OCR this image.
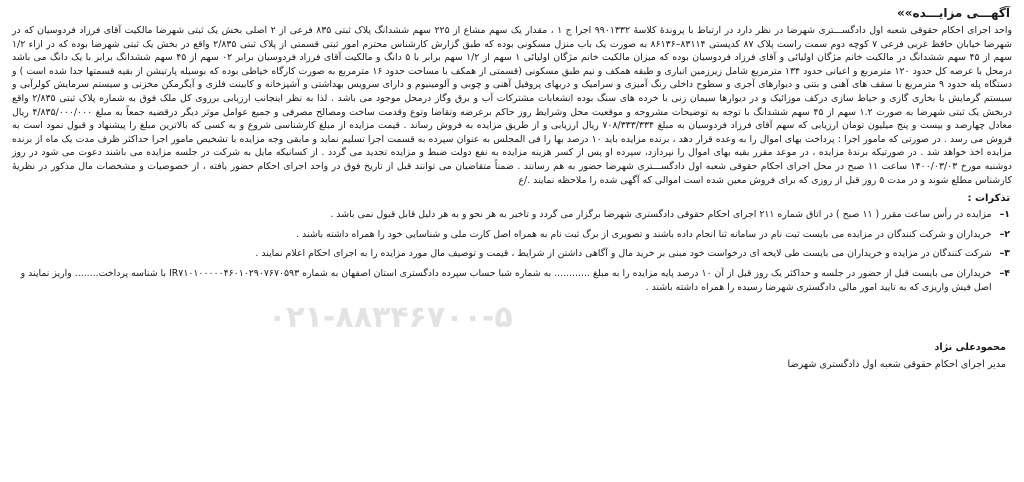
آگهـــی مزایـــده»»
واحد اجرای احکام حقوقی شعبه اول دادگســـتری شهرضا در نظر دارد در ارتباط با پروندۀ کلاسۀ ۹۹۰۱۳۳۲ اجرا ج ۱ ، مقدار یک سهم مشاع از ۲۲۵ سهم ششدانگ پلاک ثبتی ۸۳۵ فرعی از ۲ اصلی بخش یک ثبتی شهرضا مالکیت آقای فرزاد فردوسیان که در شهرضا خیابان حافظ غربی فرعی ۷ کوچه دوم سمت راست پلاک ۸۷ کدپستی ۸۳۱۱۴–۸۶۱۳۶ به صورت یک باب منزل مسکونی بوده که طبق گزارش کارشناس محترم امور ثبتی قسمتی از پلاک ثبتی ۲/۸۳۵ واقع در بخش یک ثبتی شهرضا بوده که در ازاء ۱/۲ سهم از ۴۵ سهم ششدانگ در مالکیت خانم مژگان اولیائی و آقای فرزاد فردوسیان بوده که میزان مالکیت خانم مژگان اولیائی ۱ سهم از ۱/۲ سهم برابر با ۵ دانگ و مالکیت آقای فرزاد فردوسیان برابر ۰۲ سهم از ۴۵ سهم ششدانگ برابر با یک دانگ می باشد درمحل با عرصه کل حدود ۱۲۰ مترمربع و اعیانی حدود ۱۳۴ مترمربع شامل زیرزمین انباری و طبقه همکف و نیم طبق مسکونی (قسمتی از همکف با مساحت حدود ۱۶ مترمربع به صورت کارگاه خیاطی بوده که بوسیله پارتیشن از بقیه قسمتها جدا شده است ) و دستگاه پله حدود ۹ مترمربع با سقف های آهنی و بتنی و دیوارهای آجری و سطوح داخلی رنگ آمیزی و سرامیک و دربهای پروفیل آهنی و چوبی و آلومینیوم و دارای سرویس بهداشتی و آشپزخانه و کابینت فلزی و آیگرمکن مخزنی و سیستم سرمایش کولرآبی و سیستم گرمایش با بخاری گازی و حیاط سازی درکف موزائیک و در دیوارها سیمان زنی با خرده های سنگ بوده انشعابات مشترکات آب و برق وگاز درمحل موجود می باشد . لذا به نظر اینجانب ارزیابی برروی کل ملک فوق به شماره پلاک ثبتی ۲/۸۳۵ واقع دربخش یک ثبتی شهرضا به صورت ۱.۲ سهم از ۴۵ سهم ششدانگ با توجه به توضیحات مشروحه و موقعیت محل وشرایط روز حاکم برعرضه وتقاضا وتوع وقدمت ساخت ومصالح مصرفی و جمیع عوامل موثر دیگر درقضیه جمعاً به مبلغ ۴/۸۳۵/۰۰۰/۰۰۰ ریال معادل چهارصد و بیست و پنج میلیون تومان ارزیابی که سهم آقای فرزاد فردوسیان به مبلغ ۷۰۸/۳۳۳/۳۳۴ ریال ارزیابی و از طریق مزایده به فروش رساند . قیمت مزایده از مبلغ کارشناسی شروع و به کسی که بالاترین مبلغ را پیشنهاد و قبول نمود است به فروش می رسد . در صورتی که مامور اجرا : پرداخت بهای اموال را به وعده قرار دهد ، برنده مزایده باید ۱۰ درصد بها را فی المجلس به عنوان سپرده به قسمت اجرا تسلیم نماید و مابقی وجه مزایده با تشخیص مامور اجرا حداکثر ظرف مدت یک ماه از برنده مزایده اخذ خواهد شد . در صورتیکه برندۀ مزایده ، در موعد مقرر بقیه بهای اموال را نپردازد، سپرده او پس از کسر هزینه مزایده به نفع دولت ضبط و مزایده تجدید می گردد . از کسانیکه مایل به شرکت در جلسه مزایده می باشند دعوت می شود در روز دوشنبه مورخ ۱۴۰۰/۰۳/۰۳ ساعت ۱۱ صبح در محل اجرای احکام حقوقی شعبه اول دادگســـتری شهرضا حضور به هم رسانند . ضمناً متقاضیان می توانند قبل از تاریخ فوق در واحد اجرای احکام حضور یافته ، از خصوصیات و مشخصات مال مذکور در نظریهٔ کارشناس مطلع شوند و در مدت ۵ روز قبل از روزی که برای فروش معین شده است اموالی که آگهی شده را ملاحظه نمایند ./ع
تذکرات :
۱–
مزایده در رأس ساعت مقرر ( ۱۱ صبح ) در اتاق شماره ۲۱۱ اجرای احکام حقوقی دادگستری شهرضا برگزار می گردد و تاخیر به هر نحو و به هر دلیل قابل قبول نمی باشد .
۲–
خریداران و شرکت کنندگان در مزایده می بایست ثبت نام در سامانه ثنا انجام داده باشند و تصویری از برگ ثبت نام به همراه اصل کارت ملی و شناسایی خود را همراه داشته باشند .
۳–
شرکت کنندگان در مزایده و خریداران می بایست طی لایحه ای درخواست خود مبنی بر خرید مال و آگاهی داشتن از شرایط ، قیمت و توصیف مال مورد مزایده را به اجرای احکام اعلام نمایند .
۴–
خریداران می بایست قبل از حضور در جلسه و حداکثر یک روز قبل از آن ۱۰ درصد پایه مزایده را به مبلغ ............ به شماره شبا حساب سپرده دادگستری استان اصفهان به شماره IR۷۱۰۱۰۰۰۰۰۴۶۰۱۰۲۹۰۷۶۷۰۵۹۳ با شناسه پرداخت........ واریز نمایند و اصل فیش واریزی که به تایید امور مالی دادگستری شهرضا رسیده را همراه داشته باشند .
۰۲۱-۸۸۳۴۶۷۰۰-۵
محمودعلی نژاد
مدیر اجرای احکام حقوقی شعبه اول دادگستری شهرضا
